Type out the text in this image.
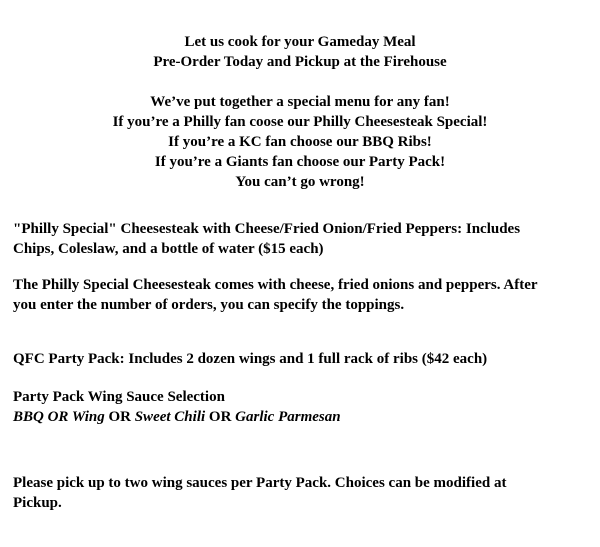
Let us cook for your Gameday Meal
Pre-Order Today and Pickup at the Firehouse
We’ve put together a special menu for any fan!
If you’re a Philly fan coose our Philly Cheesesteak Special!
If you’re a KC fan choose our BBQ Ribs!
If you’re a Giants fan choose our Party Pack!
You can’t go wrong!
"Philly Special" Cheesesteak with Cheese/Fried Onion/Fried Peppers: Includes
Chips, Coleslaw, and a bottle of water ($15 each)
The Philly Special Cheesesteak comes with cheese, fried onions and peppers. After
you enter the number of orders, you can specify the toppings.
QFC Party Pack: Includes 2 dozen wings and 1 full rack of ribs ($42 each)
Party Pack Wing Sauce Selection
BBQ OR Wing OR Sweet Chili OR Garlic Parmesan
Please pick up to two wing sauces per Party Pack. Choices can be modified at
Pickup.
